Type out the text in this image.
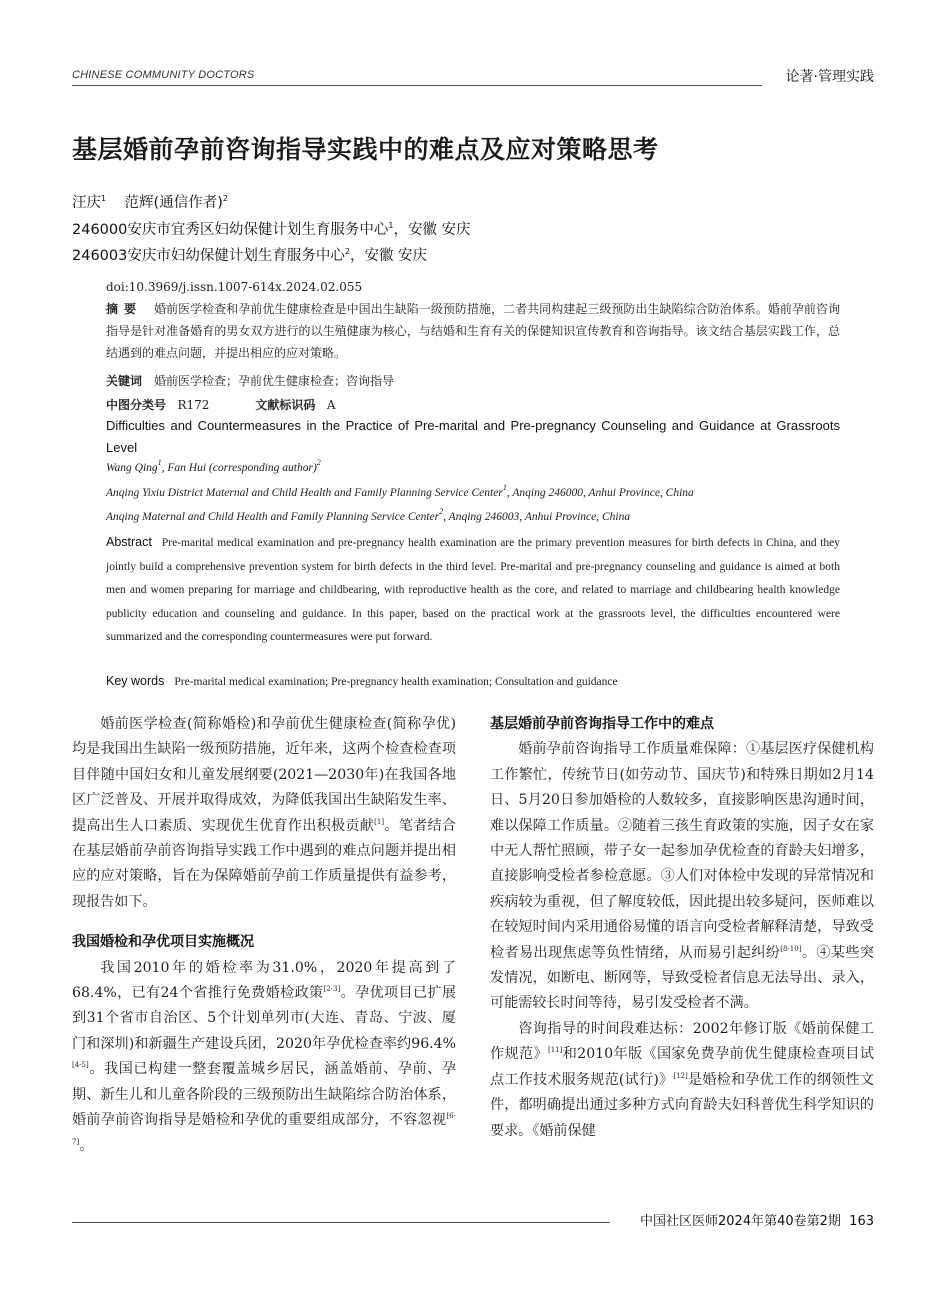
CHINESE COMMUNITY DOCTORS	论著·管理实践
基层婚前孕前咨询指导实践中的难点及应对策略思考
汪庆$^1$ 范辉(通信作者)$^2$
246000安庆市宜秀区妇幼保健计划生育服务中心$^1$，安徽 安庆
246003安庆市妇幼保健计划生育服务中心$^2$，安徽 安庆
doi:10.3969/j.issn.1007-614x.2024.02.055
摘要 婚前医学检查和孕前优生健康检查是中国出生缺陷一级预防措施，二者共同构建起三级预防出生缺陷综合防治体系。婚前孕前咨询指导是针对准备婚育的男女双方进行的以生殖健康为核心，与结婚和生育有关的保健知识宣传教育和咨询指导。该文结合基层实践工作，总结遇到的难点问题，并提出相应的应对策略。
关键词 婚前医学检查；孕前优生健康检查；咨询指导
中图分类号 R172	文献标识码 A
Difficulties and Countermeasures in the Practice of Pre-marital and Pre-pregnancy Counseling and Guidance at Grassroots Level
Wang Qing$^1$, Fan Hui (corresponding author)$^2$
Anqing Yixiu District Maternal and Child Health and Family Planning Service Center$^1$, Anqing 246000, Anhui Province, China
Anqing Maternal and Child Health and Family Planning Service Center$^2$, Anqing 246003, Anhui Province, China
Abstract Pre-marital medical examination and pre-pregnancy health examination are the primary prevention measures for birth defects in China, and they jointly build a comprehensive prevention system for birth defects in the third level. Pre-marital and pre-pregnancy counseling and guidance is aimed at both men and women preparing for marriage and childbearing, with reproductive health as the core, and related to marriage and childbearing health knowledge publicity education and counseling and guidance. In this paper, based on the practical work at the grassroots level, the difficulties encountered were summarized and the corresponding countermeasures were put forward.
Key words Pre-marital medical examination; Pre-pregnancy health examination; Consultation and guidance

婚前医学检查(简称婚检)和孕前优生健康检查(简称孕优)均是我国出生缺陷一级预防措施，近年来，这两个检查检查项目伴随中国妇女和儿童发展纲要(2021—2030年)在我国各地区广泛普及、开展并取得成效，为降低我国出生缺陷发生率、提高出生人口素质、实现优生优育作出积极贡献[1]。笔者结合在基层婚前孕前咨询指导实践工作中遇到的难点问题并提出相应的应对策略，旨在为保障婚前孕前工作质量提供有益参考，现报告如下。

我国婚检和孕优项目实施概况

我国2010年的婚检率为31.0%，2020年提高到了68.4%，已有24个省推行免费婚检政策[2-3]。孕优项目已扩展到31个省市自治区、5个计划单列市(大连、青岛、宁波、厦门和深圳)和新疆生产建设兵团，2020年孕优检查率约96.4%[4-5]。我国已构建一整套覆盖城乡居民，涵盖婚前、孕前、孕期、新生儿和儿童各阶段的三级预防出生缺陷综合防治体系，婚前孕前咨询指导是婚检和孕优的重要组成部分，不容忽视[6-7]。

基层婚前孕前咨询指导工作中的难点

婚前孕前咨询指导工作质量难保障：①基层医疗保健机构工作繁忙，传统节日(如劳动节、国庆节)和特殊日期如2月14日、5月20日参加婚检的人数较多，直接影响医患沟通时间，难以保障工作质量。②随着三孩生育政策的实施，因子女在家中无人帮忙照顾，带子女一起参加孕优检查的育龄夫妇增多，直接影响受检者参检意愿。③人们对体检中发现的异常情况和疾病较为重视，但了解度较低，因此提出较多疑问，医师难以在较短时间内采用通俗易懂的语言向受检者解释清楚，导致受检者易出现焦虑等负性情绪，从而易引起纠纷[8-10]。④某些突发情况，如断电、断网等，导致受检者信息无法导出、录入，可能需较长时间等待，易引发受检者不满。

咨询指导的时间段难达标：2002年修订版《婚前保健工作规范》[11]和2010年版《国家免费孕前优生健康检查项目试点工作技术服务规范(试行)》[12]是婚检和孕优工作的纲领性文件，都明确提出通过多种方式向育龄夫妇科普优生科学知识的要求。《婚前保健

中国社区医师2024年第40卷第2期 163
